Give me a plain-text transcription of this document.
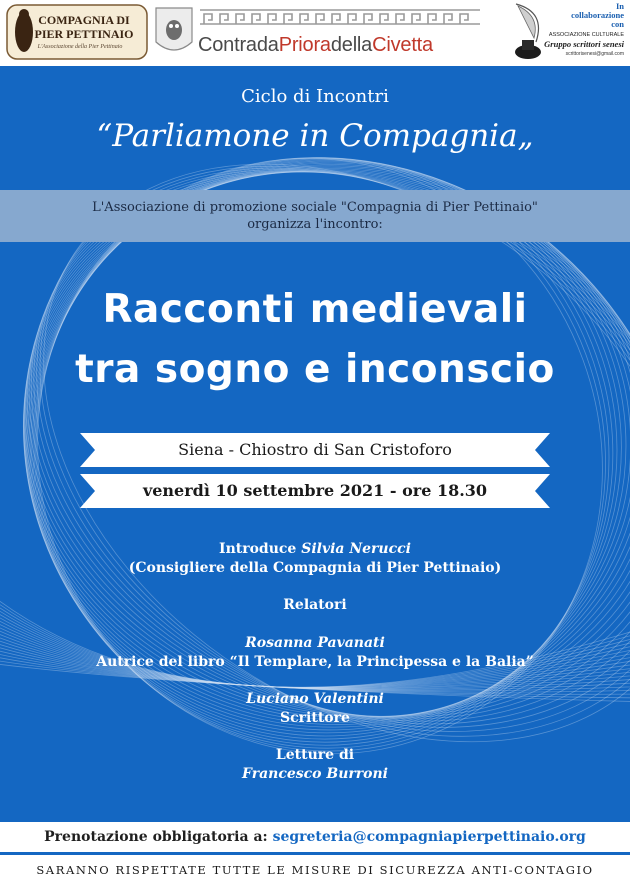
COMPAGNIA DI
PIER PETTINAIO
L'Associazione della Pier Pettinaio	ContradaPrioradellaCivetta
In
collaborazione
con
ASSOCIAZIONE CULTURALE
Gruppo scrittori senesi
scrittorisenesi@gmail.com
Ciclo di Incontri
“Parliamone in Compagnia„

L'Associazione di promozione sociale "Compagnia di Pier Pettinaio"

organizza l'incontro:

Racconti medievali
tra sogno e inconscio
Siena - Chiostro di San Cristoforo
venerdì 10 settembre 2021 - ore 18.30
Introduce Silvia Nerucci
(Consigliere della Compagnia di Pier Pettinaio)
Relatori
Rosanna Pavanati
Autrice del libro “Il Templare, la Principessa e la Balia”
Luciano Valentini
Scrittore
Letture di
Francesco Burroni
Prenotazione obbligatoria a: segreteria@compagniapierpettinaio.org
SARANNO RISPETTATE TUTTE LE MISURE DI SICUREZZA ANTI-CONTAGIO
